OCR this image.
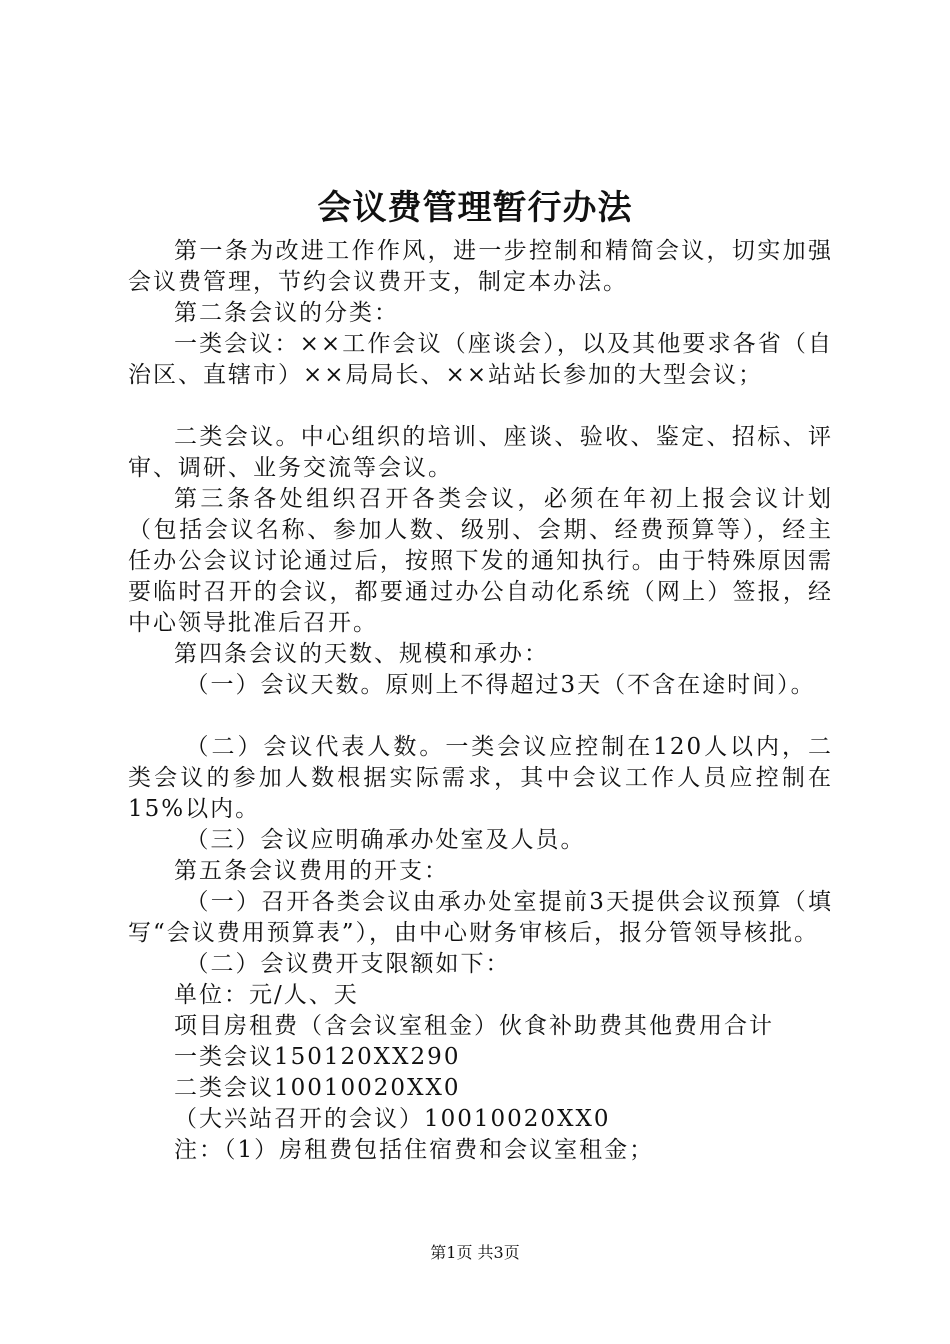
会议费管理暂行办法

第一条为改进工作作风，进一步控制和精简会议，切实加强会议费管理，节约会议费开支，制定本办法。

第二条会议的分类：

一类会议：××工作会议（座谈会），以及其他要求各省（自治区、直辖市）××局局长、××站站长参加的大型会议；

二类会议。中心组织的培训、座谈、验收、鉴定、招标、评审、调研、业务交流等会议。

第三条各处组织召开各类会议，必须在年初上报会议计划（包括会议名称、参加人数、级别、会期、经费预算等），经主任办公会议讨论通过后，按照下发的通知执行。由于特殊原因需要临时召开的会议，都要通过办公自动化系统（网上）签报，经中心领导批准后召开。

第四条会议的天数、规模和承办：

（一）会议天数。原则上不得超过3天（不含在途时间）。

（二）会议代表人数。一类会议应控制在120人以内，二类会议的参加人数根据实际需求，其中会议工作人员应控制在15%以内。

（三）会议应明确承办处室及人员。

第五条会议费用的开支：

（一）召开各类会议由承办处室提前3天提供会议预算（填写“会议费用预算表”），由中心财务审核后，报分管领导核批。

（二）会议费开支限额如下：

单位：元/人、天

项目房租费（含会议室租金）伙食补助费其他费用合计

一类会议150120XX290

二类会议10010020XX0

（大兴站召开的会议）10010020XX0

注：（1）房租费包括住宿费和会议室租金；

第1页 共3页
